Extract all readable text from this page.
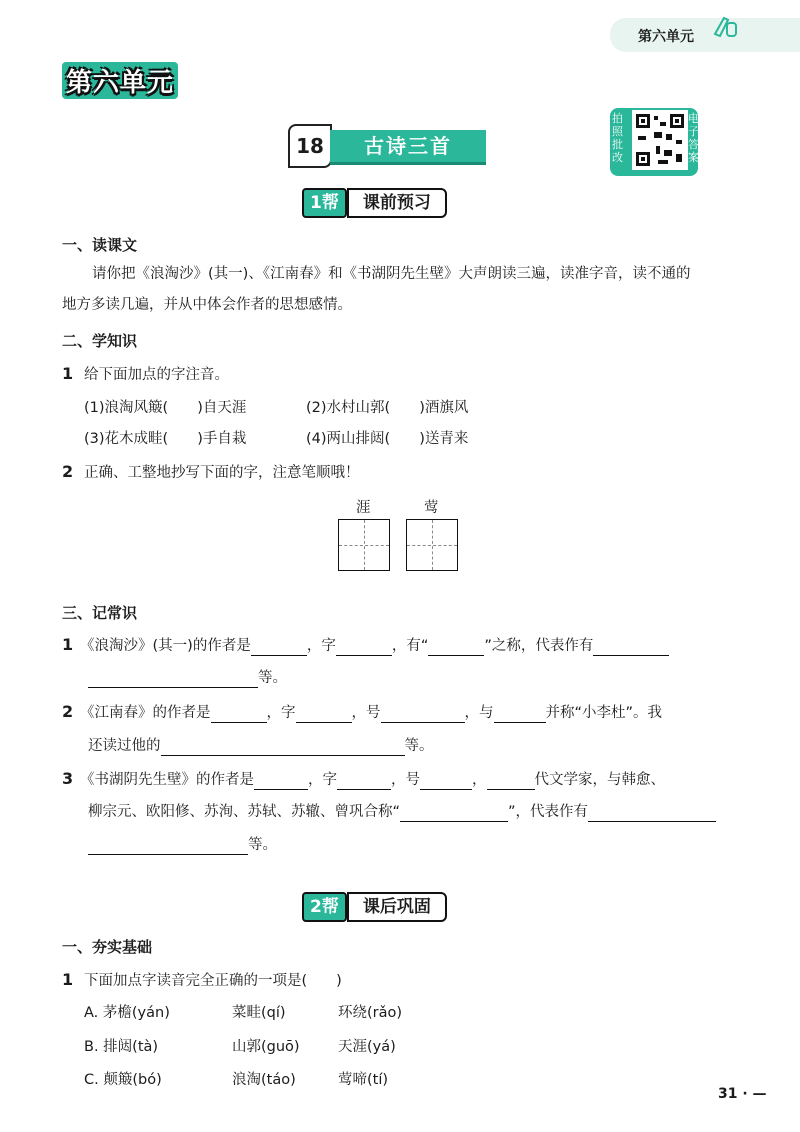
第六单元
第六单元
18	古诗三首
拍照批改
电子答案
1帮	课前预习
一、读课文
请你把《浪淘沙》(其一)、《江南春》和《书湖阴先生壁》大声朗读三遍，读准字音，读不通的
地方多读几遍，并从中体会作者的思想感情。
二、学知识
1 给下面加点的字注音。
(1)浪淘风簸(　　)自天涯	(2)水村山郭(　　)酒旗风
(3)花木成畦(　　)手自栽	(4)两山排闼(　　)送青来
2 正确、工整地抄写下面的字，注意笔顺哦！
涯	莺
三、记常识
1 《浪淘沙》(其一)的作者是	，字	，有“	”之称，代表作有
等。
2 《江南春》的作者是	，字	，号	，与	并称“小李杜”。我
还读过他的	等。
3 《书湖阴先生壁》的作者是	，字	，号	，	代文学家，与韩愈、
柳宗元、欧阳修、苏洵、苏轼、苏辙、曾巩合称“	”，代表作有
等。
2帮	课后巩固
一、夯实基础
1 下面加点字读音完全正确的一项是(　　)
A. 茅檐(yán)	菜畦(qí)	环绕(rǎo)
B. 排闼(tà)	山郭(guō)	天涯(yá)
C. 颠簸(bó)	浪淘(táo)	莺啼(tí)
31 · —
